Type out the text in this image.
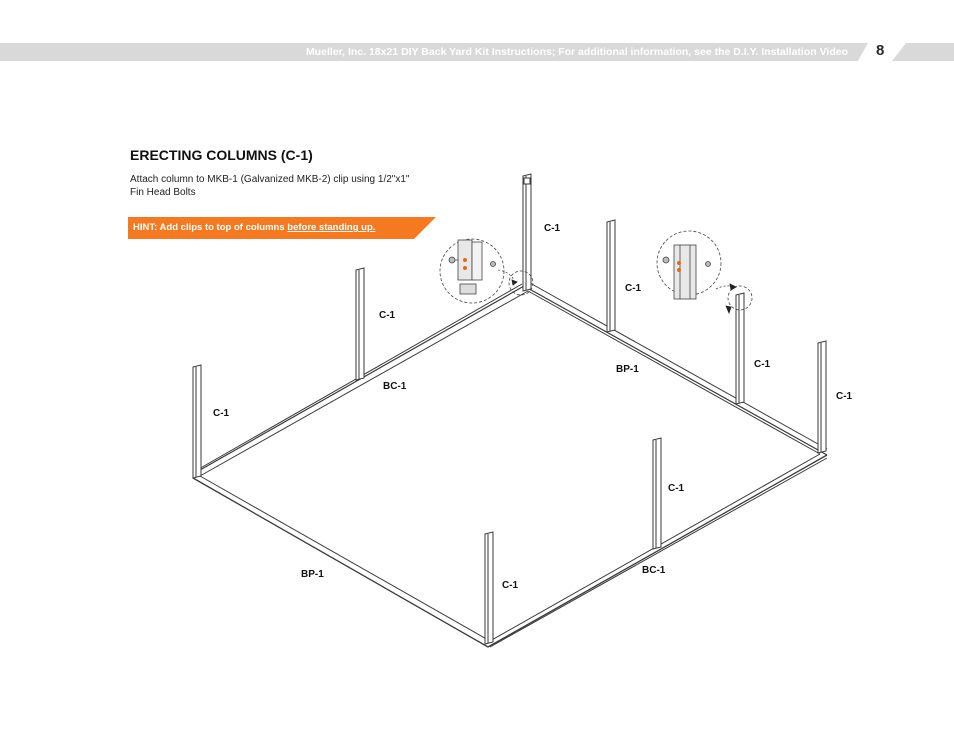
Mueller, Inc. 18x21 DIY Back Yard Kit Instructions; For additional information, see the D.I.Y. Installation Video 8
ERECTING COLUMNS (C-1)
Attach column to MKB-1 (Galvanized MKB-2) clip using 1/2"x1" Fin Head Bolts
HINT: Add clips to top of columns before standing up.	C-1
C-1
C-1
C-1
C-1
C-1
C-1
C-1
BC-1
BC-1
BP-1
BP-1
